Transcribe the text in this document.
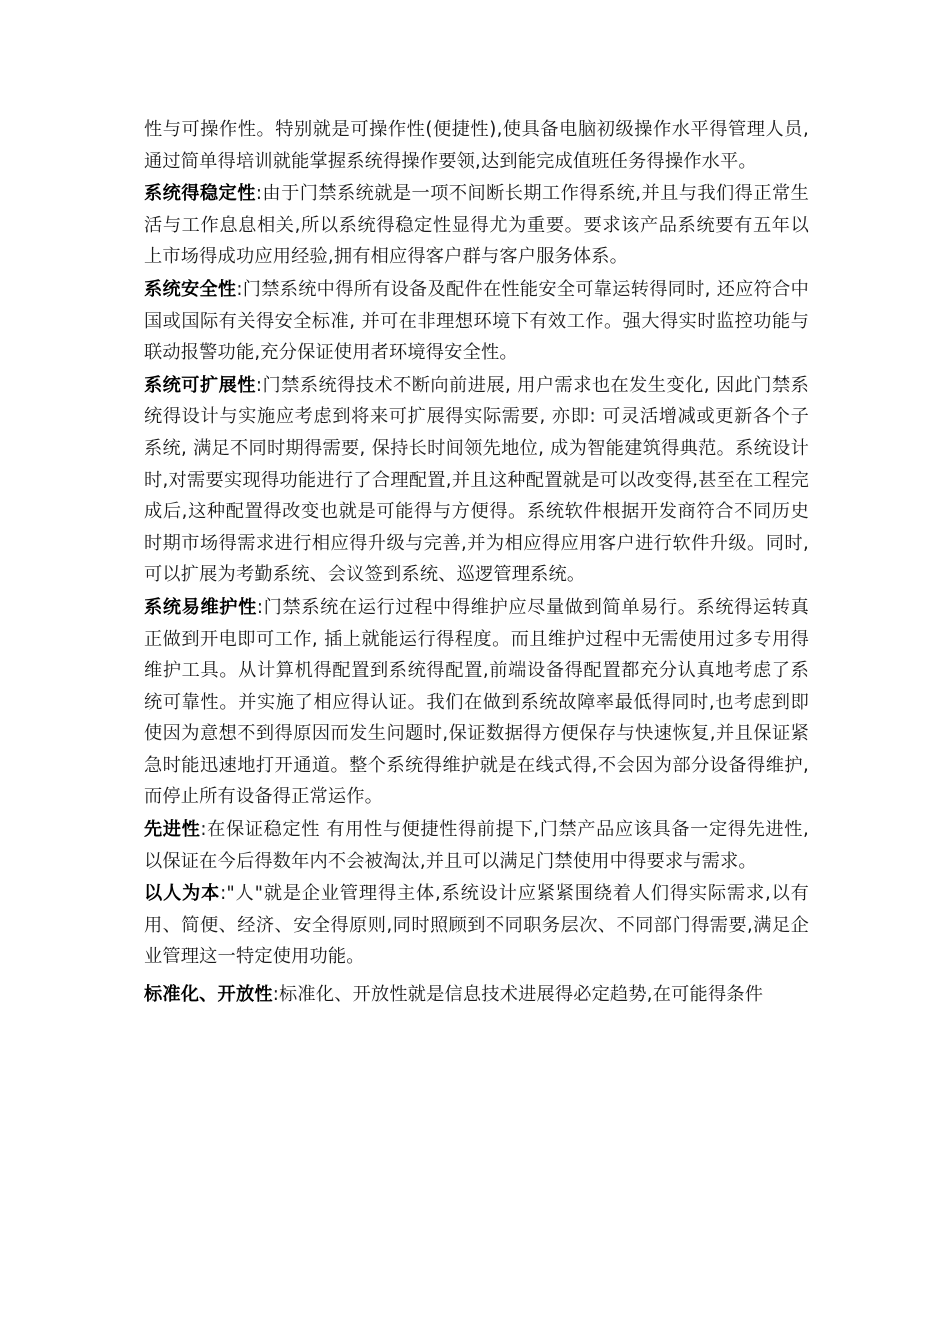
性与可操作性。特别就是可操作性(便捷性),使具备电脑初级操作水平得管理人员,通过简单得培训就能掌握系统得操作要领,达到能完成值班任务得操作水平。

系统得稳定性:由于门禁系统就是一项不间断长期工作得系统,并且与我们得正常生活与工作息息相关,所以系统得稳定性显得尤为重要。要求该产品系统要有五年以上市场得成功应用经验,拥有相应得客户群与客户服务体系。

系统安全性:门禁系统中得所有设备及配件在性能安全可靠运转得同时, 还应符合中国或国际有关得安全标准, 并可在非理想环境下有效工作。强大得实时监控功能与联动报警功能,充分保证使用者环境得安全性。

系统可扩展性:门禁系统得技术不断向前进展, 用户需求也在发生变化, 因此门禁系统得设计与实施应考虑到将来可扩展得实际需要, 亦即: 可灵活增减或更新各个子系统, 满足不同时期得需要, 保持长时间领先地位, 成为智能建筑得典范。系统设计时,对需要实现得功能进行了合理配置,并且这种配置就是可以改变得,甚至在工程完成后,这种配置得改变也就是可能得与方便得。系统软件根据开发商符合不同历史时期市场得需求进行相应得升级与完善,并为相应得应用客户进行软件升级。同时,可以扩展为考勤系统、会议签到系统、巡逻管理系统。

系统易维护性:门禁系统在运行过程中得维护应尽量做到简单易行。系统得运转真正做到开电即可工作, 插上就能运行得程度。而且维护过程中无需使用过多专用得维护工具。从计算机得配置到系统得配置,前端设备得配置都充分认真地考虑了系统可靠性。并实施了相应得认证。我们在做到系统故障率最低得同时,也考虑到即使因为意想不到得原因而发生问题时,保证数据得方便保存与快速恢复,并且保证紧急时能迅速地打开通道。整个系统得维护就是在线式得,不会因为部分设备得维护,而停止所有设备得正常运作。

先进性:在保证稳定性 有用性与便捷性得前提下,门禁产品应该具备一定得先进性,以保证在今后得数年内不会被淘汰,并且可以满足门禁使用中得要求与需求。

以人为本:"人"就是企业管理得主体,系统设计应紧紧围绕着人们得实际需求,以有用、简便、经济、安全得原则,同时照顾到不同职务层次、不同部门得需要,满足企业管理这一特定使用功能。

标准化、开放性:标准化、开放性就是信息技术进展得必定趋势,在可能得条件
